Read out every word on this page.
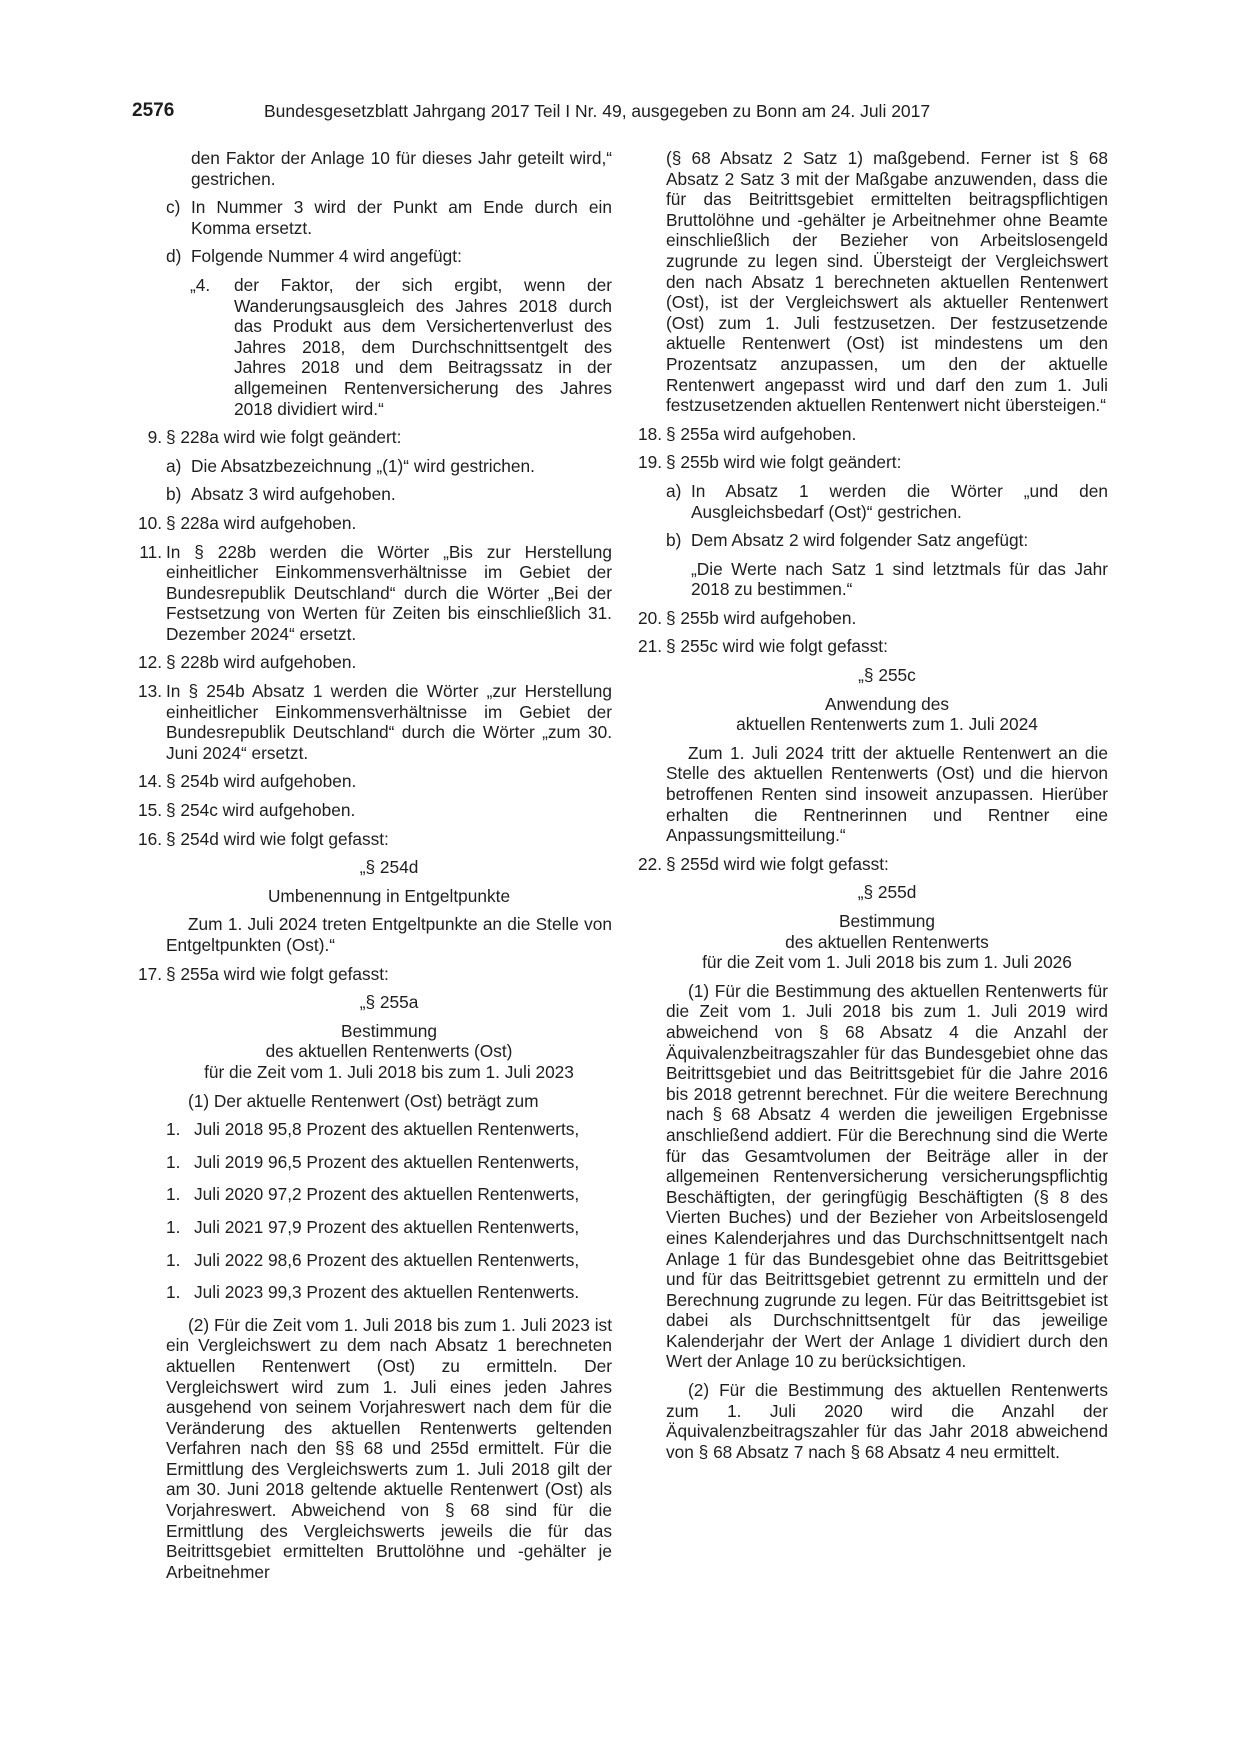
2576	Bundesgesetzblatt Jahrgang 2017 Teil I Nr. 49, ausgegeben zu Bonn am 24. Juli 2017

den Faktor der Anlage 10 für dieses Jahr geteilt wird,“ gestrichen.

c) In Nummer 3 wird der Punkt am Ende durch ein Komma ersetzt.
d) Folgende Nummer 4 wird angefügt:
„4. der Faktor, der sich ergibt, wenn der Wanderungsausgleich des Jahres 2018 durch das Produkt aus dem Versichertenverlust des Jahres 2018, dem Durchschnittsentgelt des Jahres 2018 und dem Beitragssatz in der allgemeinen Rentenversicherung des Jahres 2018 dividiert wird.“
9. § 228a wird wie folgt geändert:
a) Die Absatzbezeichnung „(1)“ wird gestrichen.
b) Absatz 3 wird aufgehoben.
10. § 228a wird aufgehoben.
11. In § 228b werden die Wörter „Bis zur Herstellung einheitlicher Einkommensverhältnisse im Gebiet der Bundesrepublik Deutschland“ durch die Wörter „Bei der Festsetzung von Werten für Zeiten bis einschließlich 31. Dezember 2024“ ersetzt.
12. § 228b wird aufgehoben.
13. In § 254b Absatz 1 werden die Wörter „zur Herstellung einheitlicher Einkommensverhältnisse im Gebiet der Bundesrepublik Deutschland“ durch die Wörter „zum 30. Juni 2024“ ersetzt.
14. § 254b wird aufgehoben.
15. § 254c wird aufgehoben.
16. § 254d wird wie folgt gefasst:

„§ 254d

Umbenennung in Entgeltpunkte

Zum 1. Juli 2024 treten Entgeltpunkte an die Stelle von Entgeltpunkten (Ost).“

17. § 255a wird wie folgt gefasst:

„§ 255a

Bestimmung
des aktuellen Rentenwerts (Ost)
für die Zeit vom 1. Juli 2018 bis zum 1. Juli 2023

(1) Der aktuelle Rentenwert (Ost) beträgt zum

1. Juli 2018 95,8 Prozent des aktuellen Rentenwerts,
1. Juli 2019 96,5 Prozent des aktuellen Rentenwerts,
1. Juli 2020 97,2 Prozent des aktuellen Rentenwerts,
1. Juli 2021 97,9 Prozent des aktuellen Rentenwerts,
1. Juli 2022 98,6 Prozent des aktuellen Rentenwerts,
1. Juli 2023 99,3 Prozent des aktuellen Rentenwerts.

(2) Für die Zeit vom 1. Juli 2018 bis zum 1. Juli 2023 ist ein Vergleichswert zu dem nach Absatz 1 berechneten aktuellen Rentenwert (Ost) zu ermitteln. Der Vergleichswert wird zum 1. Juli eines jeden Jahres ausgehend von seinem Vorjahreswert nach dem für die Veränderung des aktuellen Rentenwerts geltenden Verfahren nach den §§ 68 und 255d ermittelt. Für die Ermittlung des Vergleichswerts zum 1. Juli 2018 gilt der am 30. Juni 2018 geltende aktuelle Rentenwert (Ost) als Vorjahreswert. Abweichend von § 68 sind für die Ermittlung des Vergleichswerts jeweils die für das Beitrittsgebiet ermittelten Bruttolöhne und -gehälter je Arbeitnehmer

(§ 68 Absatz 2 Satz 1) maßgebend. Ferner ist § 68 Absatz 2 Satz 3 mit der Maßgabe anzuwenden, dass die für das Beitrittsgebiet ermittelten beitragspflichtigen Bruttolöhne und -gehälter je Arbeitnehmer ohne Beamte einschließlich der Bezieher von Arbeitslosengeld zugrunde zu legen sind. Übersteigt der Vergleichswert den nach Absatz 1 berechneten aktuellen Rentenwert (Ost), ist der Vergleichswert als aktueller Rentenwert (Ost) zum 1. Juli festzusetzen. Der festzusetzende aktuelle Rentenwert (Ost) ist mindestens um den Prozentsatz anzupassen, um den der aktuelle Rentenwert angepasst wird und darf den zum 1. Juli festzusetzenden aktuellen Rentenwert nicht übersteigen.“

18. § 255a wird aufgehoben.
19. § 255b wird wie folgt geändert:
a) In Absatz 1 werden die Wörter „und den Ausgleichsbedarf (Ost)“ gestrichen.
b) Dem Absatz 2 wird folgender Satz angefügt:

„Die Werte nach Satz 1 sind letztmals für das Jahr 2018 zu bestimmen.“

20. § 255b wird aufgehoben.
21. § 255c wird wie folgt gefasst:

„§ 255c

Anwendung des
aktuellen Rentenwerts zum 1. Juli 2024

Zum 1. Juli 2024 tritt der aktuelle Rentenwert an die Stelle des aktuellen Rentenwerts (Ost) und die hiervon betroffenen Renten sind insoweit anzupassen. Hierüber erhalten die Rentnerinnen und Rentner eine Anpassungsmitteilung.“

22. § 255d wird wie folgt gefasst:

„§ 255d

Bestimmung
des aktuellen Rentenwerts
für die Zeit vom 1. Juli 2018 bis zum 1. Juli 2026

(1) Für die Bestimmung des aktuellen Rentenwerts für die Zeit vom 1. Juli 2018 bis zum 1. Juli 2019 wird abweichend von § 68 Absatz 4 die Anzahl der Äquivalenzbeitragszahler für das Bundesgebiet ohne das Beitrittsgebiet und das Beitrittsgebiet für die Jahre 2016 bis 2018 getrennt berechnet. Für die weitere Berechnung nach § 68 Absatz 4 werden die jeweiligen Ergebnisse anschließend addiert. Für die Berechnung sind die Werte für das Gesamtvolumen der Beiträge aller in der allgemeinen Rentenversicherung versicherungspflichtig Beschäftigten, der geringfügig Beschäftigten (§ 8 des Vierten Buches) und der Bezieher von Arbeitslosengeld eines Kalenderjahres und das Durchschnittsentgelt nach Anlage 1 für das Bundesgebiet ohne das Beitrittsgebiet und für das Beitrittsgebiet getrennt zu ermitteln und der Berechnung zugrunde zu legen. Für das Beitrittsgebiet ist dabei als Durchschnittsentgelt für das jeweilige Kalenderjahr der Wert der Anlage 1 dividiert durch den Wert der Anlage 10 zu berücksichtigen.

(2) Für die Bestimmung des aktuellen Rentenwerts zum 1. Juli 2020 wird die Anzahl der Äquivalenzbeitragszahler für das Jahr 2018 abweichend von § 68 Absatz 7 nach § 68 Absatz 4 neu ermittelt.
